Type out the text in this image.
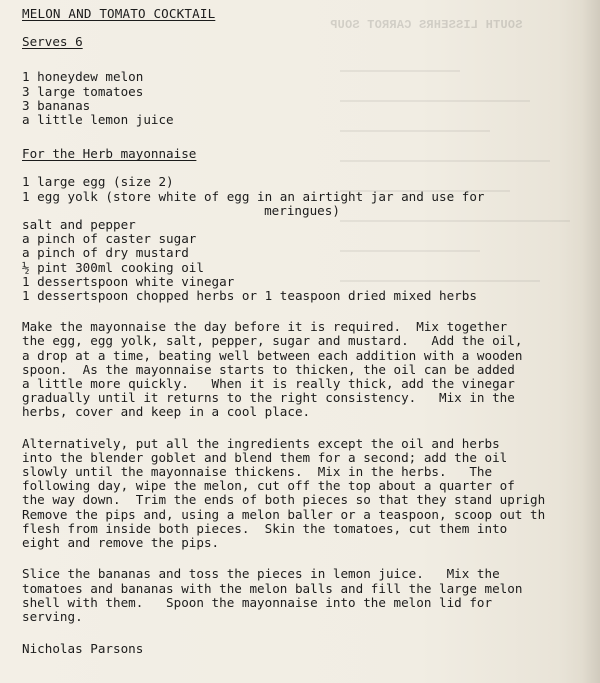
SOUTH LISSEHRS CARROT SOUP
MELON AND TOMATO COCKTAIL
Serves 6
1 honeydew melon
3 large tomatoes
3 bananas
a little lemon juice
For the Herb mayonnaise
1 large egg (size 2)
1 egg yolk (store white of egg in an airtight jar and use for
meringues)
salt and pepper
a pinch of caster sugar
a pinch of dry mustard
½ pint 300ml cooking oil
1 dessertspoon white vinegar
1 dessertspoon chopped herbs or 1 teaspoon dried mixed herbs
Make the mayonnaise the day before it is required.  Mix together
the egg, egg yolk, salt, pepper, sugar and mustard.   Add the oil,
a drop at a time, beating well between each addition with a wooden
spoon.  As the mayonnaise starts to thicken, the oil can be added
a little more quickly.   When it is really thick, add the vinegar
gradually until it returns to the right consistency.   Mix in the
herbs, cover and keep in a cool place.
Alternatively, put all the ingredients except the oil and herbs
into the blender goblet and blend them for a second; add the oil
slowly until the mayonnaise thickens.  Mix in the herbs.   The
following day, wipe the melon, cut off the top about a quarter of
the way down.  Trim the ends of both pieces so that they stand uprigh
Remove the pips and, using a melon baller or a teaspoon, scoop out th
flesh from inside both pieces.  Skin the tomatoes, cut them into
eight and remove the pips.
Slice the bananas and toss the pieces in lemon juice.   Mix the
tomatoes and bananas with the melon balls and fill the large melon
shell with them.   Spoon the mayonnaise into the melon lid for
serving.
Nicholas Parsons
